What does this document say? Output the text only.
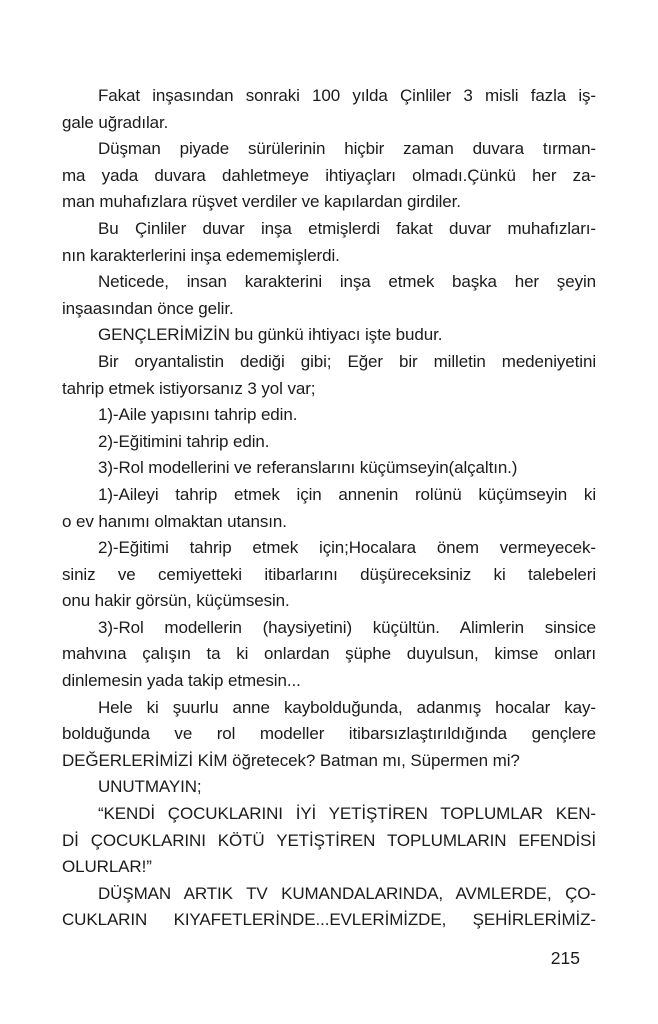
Fakat inşasından sonraki 100 yılda Çinliler 3 misli fazla iş-
gale uğradılar.
Düşman piyade sürülerinin hiçbir zaman duvara tırman-
ma yada duvara dahletmeye ihtiyaçları olmadı.Çünkü her za-
man muhafızlara rüşvet verdiler ve kapılardan girdiler.
Bu Çinliler duvar inşa etmişlerdi fakat duvar muhafızları-
nın karakterlerini inşa edememişlerdi.
Neticede, insan karakterini inşa etmek başka her şeyin
inşaasından önce gelir.
GENÇLERİMİZİN bu günkü ihtiyacı işte budur.
Bir oryantalistin dediği gibi; Eğer bir milletin medeniyetini
tahrip etmek istiyorsanız 3 yol var;
1)-Aile yapısını tahrip edin.
2)-Eğitimini tahrip edin.
3)-Rol modellerini ve referanslarını küçümseyin(alçaltın.)
1)-Aileyi tahrip etmek için annenin rolünü küçümseyin ki
o ev hanımı olmaktan utansın.
2)-Eğitimi tahrip etmek için;Hocalara önem vermeyecek-
siniz ve cemiyetteki itibarlarını düşüreceksiniz ki talebeleri
onu hakir görsün, küçümsesin.
3)-Rol modellerin (haysiyetini) küçültün. Alimlerin sinsice
mahvına çalışın ta ki onlardan şüphe duyulsun, kimse onları
dinlemesin yada takip etmesin...
Hele ki şuurlu anne kaybolduğunda, adanmış hocalar kay-
bolduğunda ve rol modeller itibarsızlaştırıldığında gençlere
DEĞERLERİMİZİ KİM öğretecek? Batman mı, Süpermen mi?
UNUTMAYIN;
“KENDİ ÇOCUKLARINI İYİ YETİŞTİREN TOPLUMLAR KEN-
Dİ ÇOCUKLARINI KÖTÜ YETİŞTİREN TOPLUMLARIN EFENDİSİ
OLURLAR!”
DÜŞMAN ARTIK TV KUMANDALARINDA, AVMLERDE, ÇO-
CUKLARIN KIYAFETLERİNDE...EVLERİMİZDE, ŞEHİRLERİMİZ-
215
